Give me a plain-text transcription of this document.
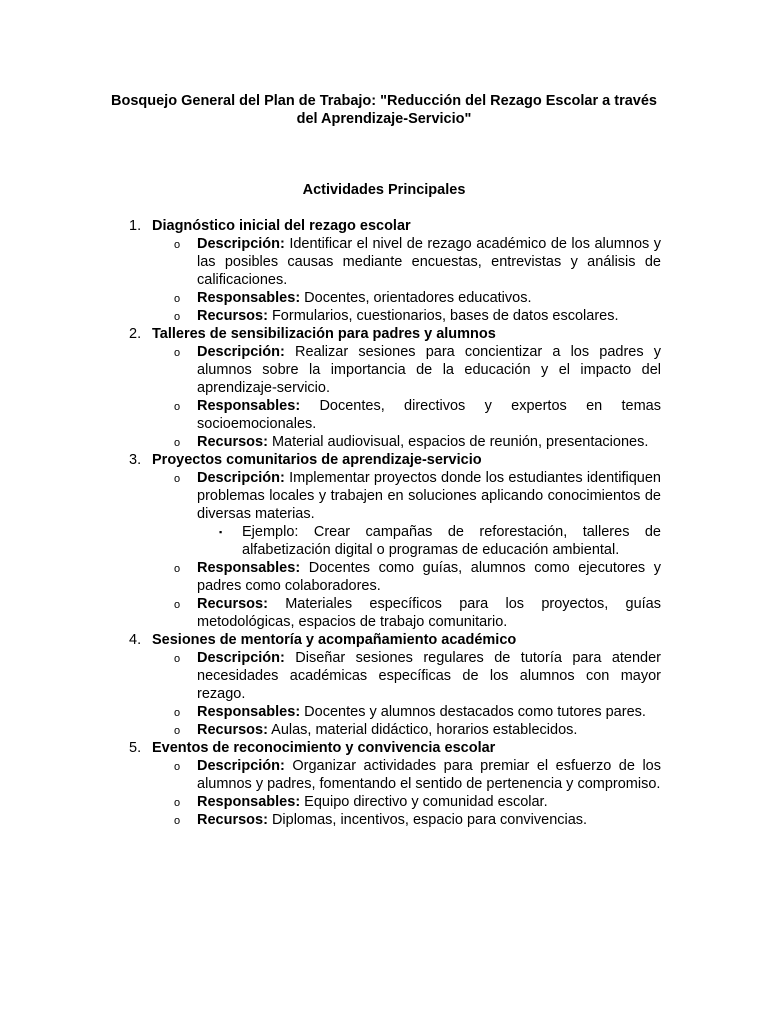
Bosquejo General del Plan de Trabajo: "Reducción del Rezago Escolar a través del Aprendizaje-Servicio"
Actividades Principales
1. Diagnóstico inicial del rezago escolar
o Descripción: Identificar el nivel de rezago académico de los alumnos y las posibles causas mediante encuestas, entrevistas y análisis de calificaciones.
o Responsables: Docentes, orientadores educativos.
o Recursos: Formularios, cuestionarios, bases de datos escolares.
2. Talleres de sensibilización para padres y alumnos
o Descripción: Realizar sesiones para concientizar a los padres y alumnos sobre la importancia de la educación y el impacto del aprendizaje-servicio.
o Responsables: Docentes, directivos y expertos en temas socioemocionales.
o Recursos: Material audiovisual, espacios de reunión, presentaciones.
3. Proyectos comunitarios de aprendizaje-servicio
o Descripción: Implementar proyectos donde los estudiantes identifiquen problemas locales y trabajen en soluciones aplicando conocimientos de diversas materias.
▪ Ejemplo: Crear campañas de reforestación, talleres de alfabetización digital o programas de educación ambiental.
o Responsables: Docentes como guías, alumnos como ejecutores y padres como colaboradores.
o Recursos: Materiales específicos para los proyectos, guías metodológicas, espacios de trabajo comunitario.
4. Sesiones de mentoría y acompañamiento académico
o Descripción: Diseñar sesiones regulares de tutoría para atender necesidades académicas específicas de los alumnos con mayor rezago.
o Responsables: Docentes y alumnos destacados como tutores pares.
o Recursos: Aulas, material didáctico, horarios establecidos.
5. Eventos de reconocimiento y convivencia escolar
o Descripción: Organizar actividades para premiar el esfuerzo de los alumnos y padres, fomentando el sentido de pertenencia y compromiso.
o Responsables: Equipo directivo y comunidad escolar.
o Recursos: Diplomas, incentivos, espacio para convivencias.
